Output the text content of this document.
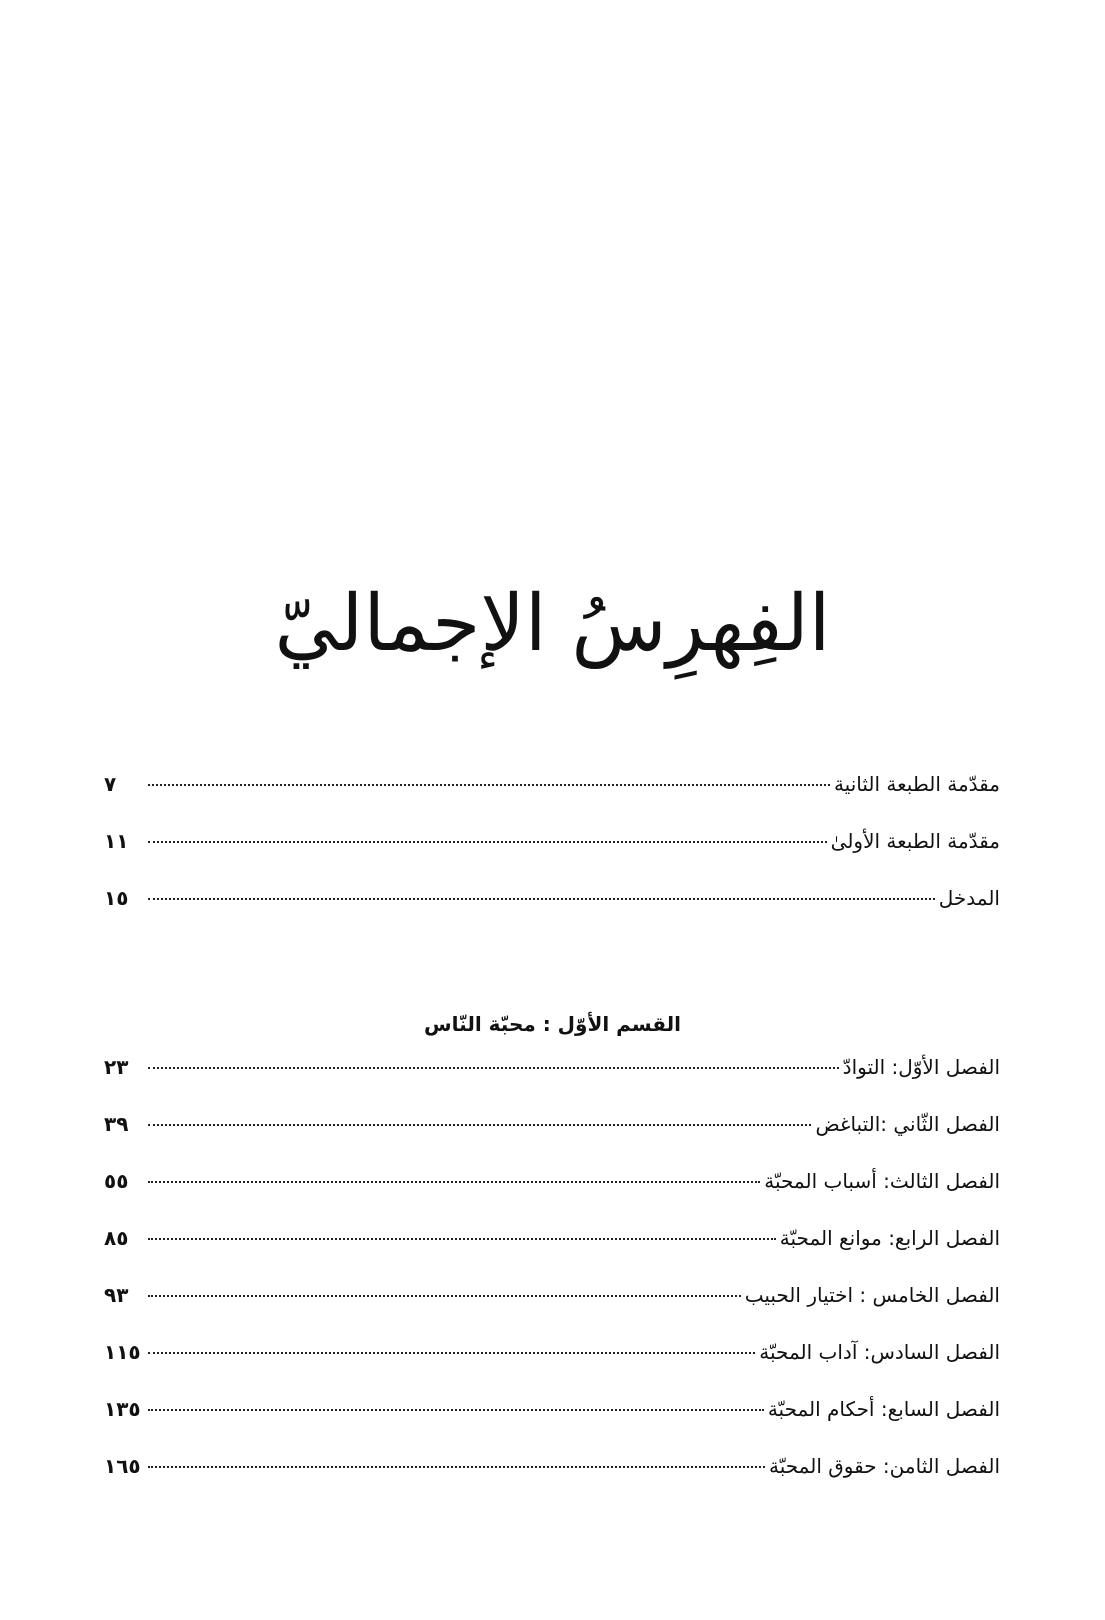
الفِهرِسُ الإجماليّ
مقدّمة الطبعة الثانية
٧
مقدّمة الطبعة الأولىٰ
١١
المدخل
١٥
القسم الأوّل : محبّة النّاس
الفصل الأوّل: التوادّ
٢٣
الفصل الثّاني :التباغض
٣٩
الفصل الثالث: أسباب المحبّة
٥٥
الفصل الرابع: موانع المحبّة
٨٥
الفصل الخامس : اختيار الحبيب
٩٣
الفصل السادس: آداب المحبّة
١١٥
الفصل السابع: أحكام المحبّة
١٣٥
الفصل الثامن: حقوق المحبّة
١٦٥
